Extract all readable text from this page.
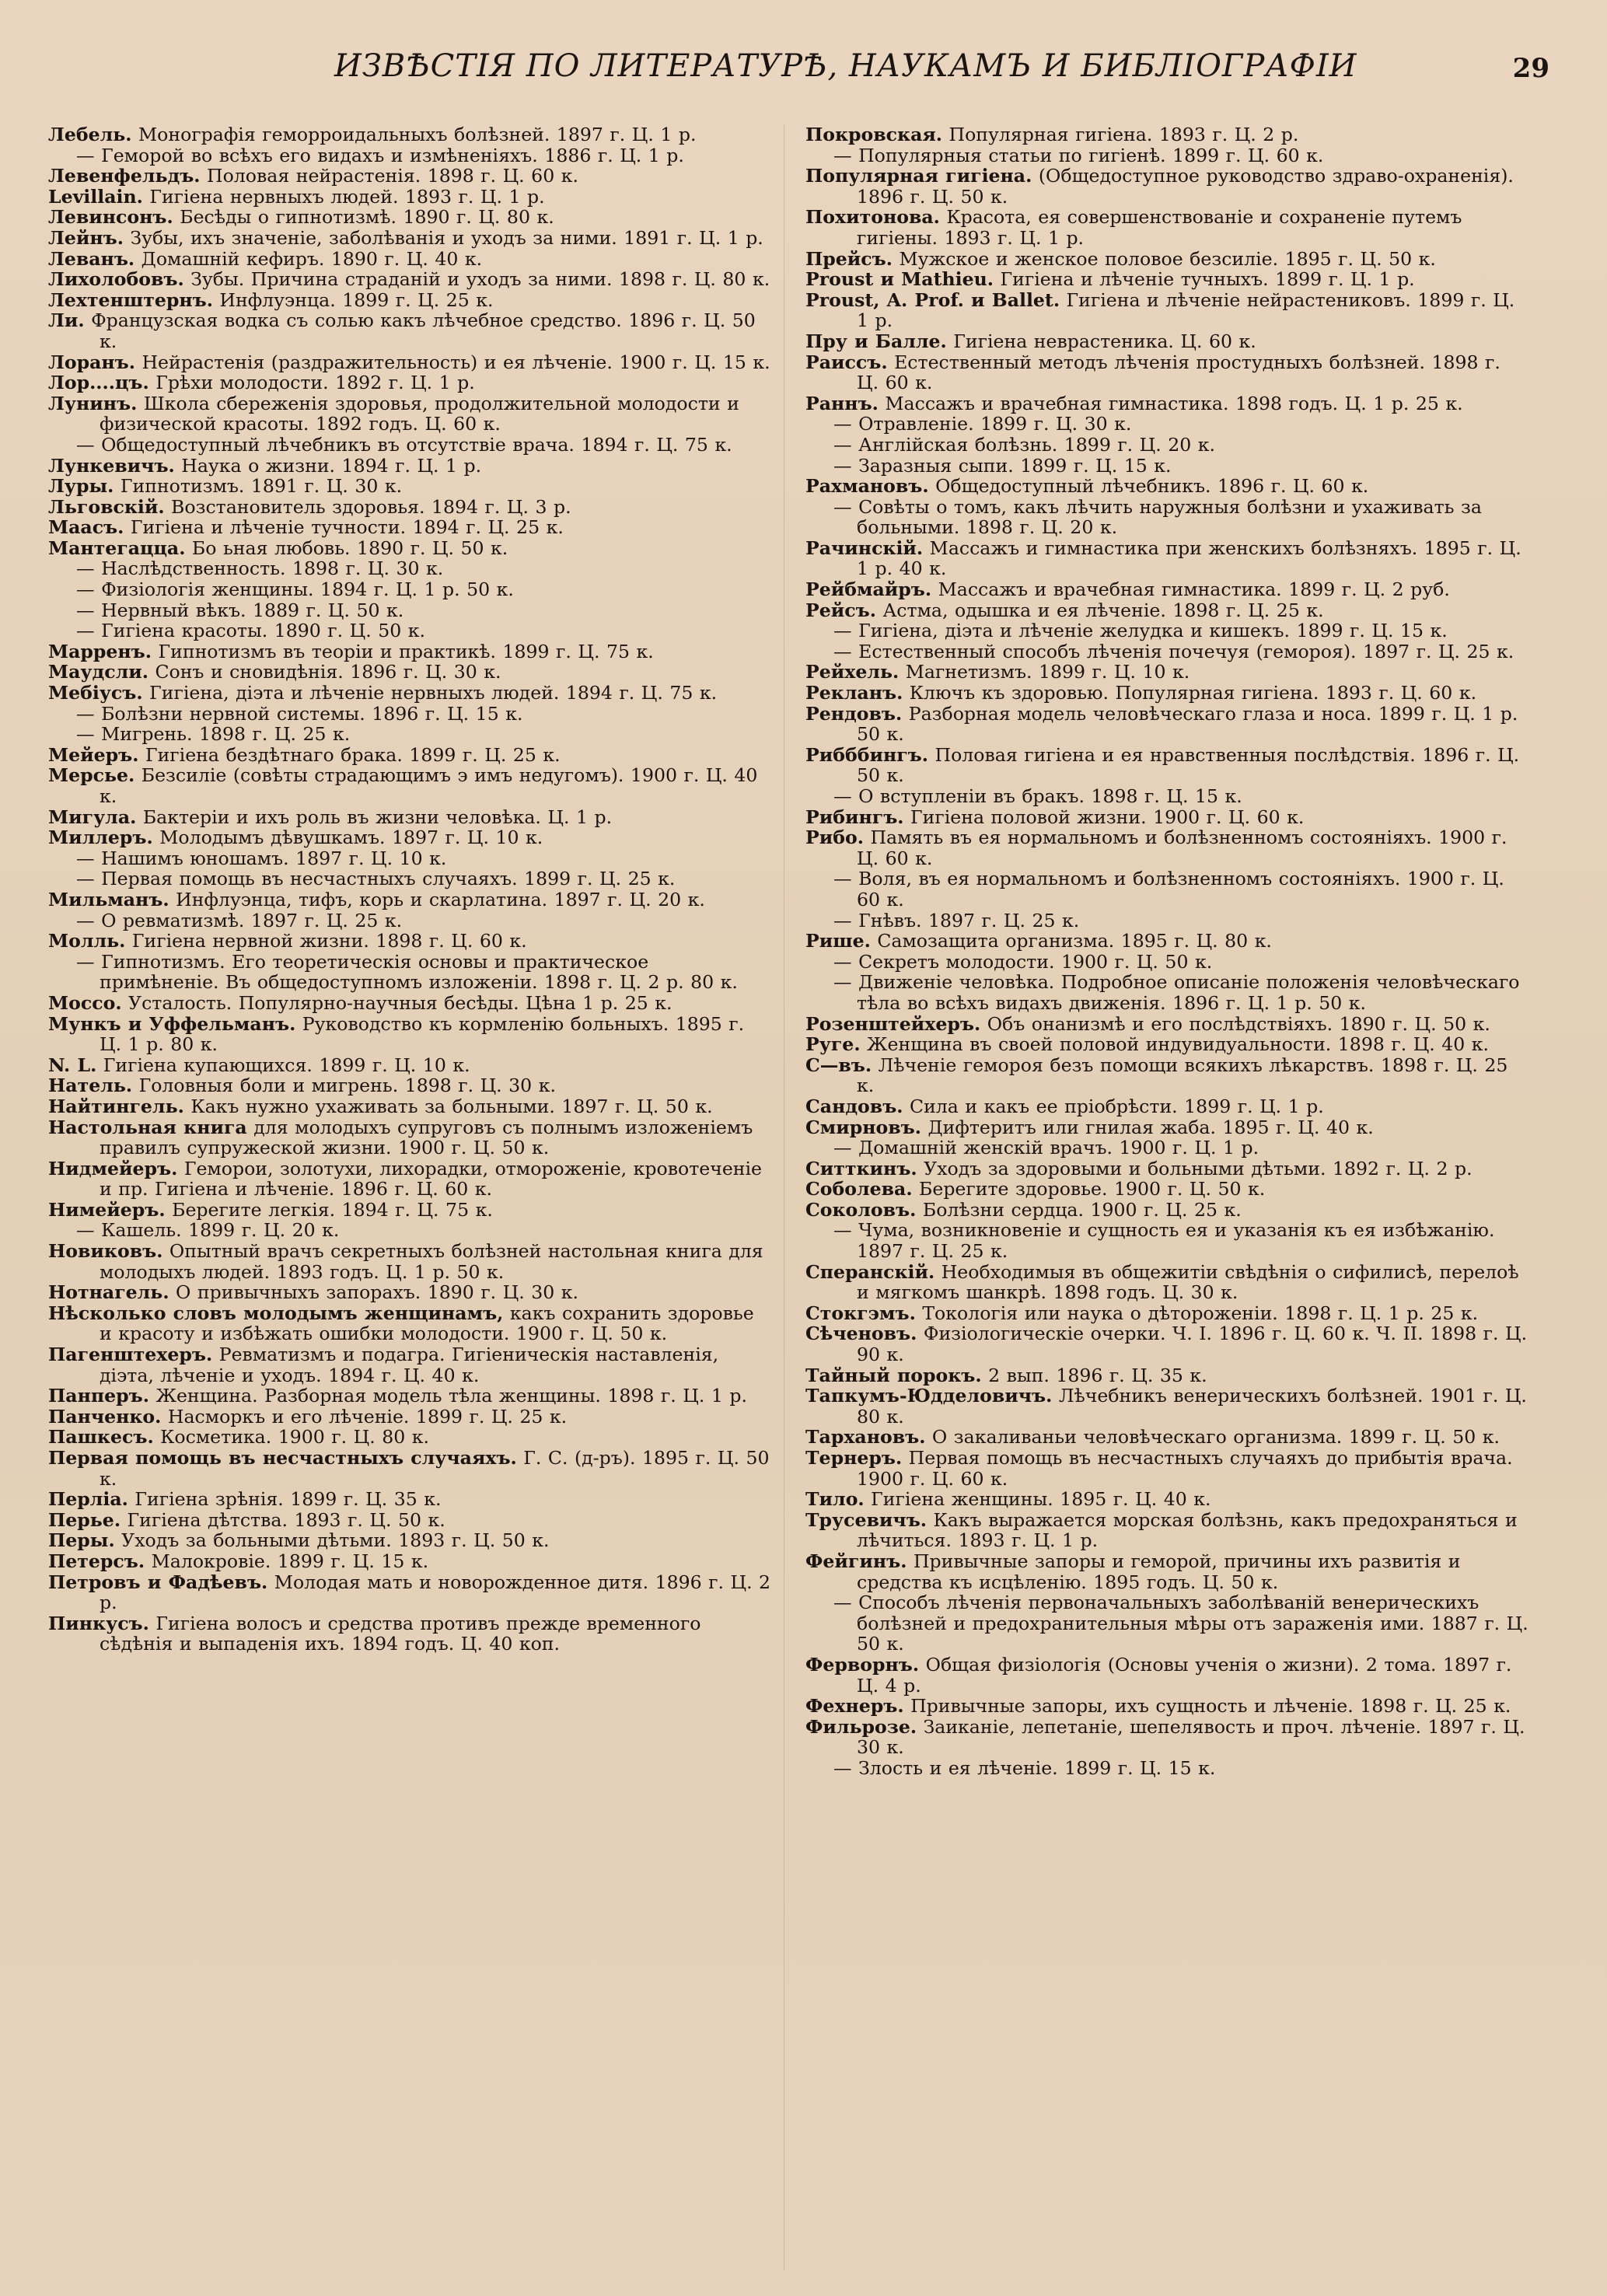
ИЗВѢСТІЯ ПО ЛИТЕРАТУРѢ, НАУКАМЪ И БИБЛІОГРАФІИ	29

Лебель. Монографія геморроидальныхъ болѣзней. 1897 г. Ц. 1 р.

— Геморой во всѣхъ его видахъ и измѣненіяхъ. 1886 г. Ц. 1 р.

Левенфельдъ. Половая нейрастенія. 1898 г. Ц. 60 к.

Levillain. Гигіена нервныхъ людей. 1893 г. Ц. 1 р.

Левинсонъ. Бесѣды о гипнотизмѣ. 1890 г. Ц. 80 к.

Лейнъ. Зубы, ихъ значеніе, заболѣванія и уходъ за ними. 1891 г. Ц. 1 р.

Леванъ. Домашній кефиръ. 1890 г. Ц. 40 к.

Лихолобовъ. Зубы. Причина страданій и уходъ за ними. 1898 г. Ц. 80 к.

Лехтенштернъ. Инфлуэнца. 1899 г. Ц. 25 к.

Ли. Французская водка съ солью какъ лѣчебное средство. 1896 г. Ц. 50 к.

Лоранъ. Нейрастенія (раздражительность) и ея лѣченіе. 1900 г. Ц. 15 к.

Лор....цъ. Грѣхи молодости. 1892 г. Ц. 1 р.

Лунинъ. Школа сбереженія здоровья, продолжительной молодости и физической красоты. 1892 годъ. Ц. 60 к.

— Общедоступный лѣчебникъ въ отсутствіе врача. 1894 г. Ц. 75 к.

Лункевичъ. Наука о жизни. 1894 г. Ц. 1 р.

Луры. Гипнотизмъ. 1891 г. Ц. 30 к.

Льговскій. Возстановитель здоровья. 1894 г. Ц. 3 р.

Маасъ. Гигіена и лѣченіе тучности. 1894 г. Ц. 25 к.

Мантегацца. Бо ьная любовь. 1890 г. Ц. 50 к.

— Наслѣдственность. 1898 г. Ц. 30 к.

— Физіологія женщины. 1894 г. Ц. 1 р. 50 к.

— Нервный вѣкъ. 1889 г. Ц. 50 к.

— Гигіена красоты. 1890 г. Ц. 50 к.

Марренъ. Гипнотизмъ въ теоріи и практикѣ. 1899 г. Ц. 75 к.

Маудсли. Сонъ и сновидѣнія. 1896 г. Ц. 30 к.

Мебіусъ. Гигіена, діэта и лѣченіе нервныхъ людей. 1894 г. Ц. 75 к.

— Болѣзни нервной системы. 1896 г. Ц. 15 к.

— Мигрень. 1898 г. Ц. 25 к.

Мейеръ. Гигіена бездѣтнаго брака. 1899 г. Ц. 25 к.

Мерсье. Безсиліе (совѣты страдающимъ э имъ недугомъ). 1900 г. Ц. 40 к.

Мигула. Бактеріи и ихъ роль въ жизни человѣка. Ц. 1 р.

Миллеръ. Молодымъ дѣвушкамъ. 1897 г. Ц. 10 к.

— Нашимъ юношамъ. 1897 г. Ц. 10 к.

— Первая помощь въ несчастныхъ случаяхъ. 1899 г. Ц. 25 к.

Мильманъ. Инфлуэнца, тифъ, корь и скарлатина. 1897 г. Ц. 20 к.

— О ревматизмѣ. 1897 г. Ц. 25 к.

Молль. Гигіена нервной жизни. 1898 г. Ц. 60 к.

— Гипнотизмъ. Его теоретическія основы и практическое примѣненіе. Въ общедоступномъ изложеніи. 1898 г. Ц. 2 р. 80 к.

Моссо. Усталость. Популярно-научныя бесѣды. Цѣна 1 р. 25 к.

Мункъ и Уффельманъ. Руководство къ кормленію больныхъ. 1895 г. Ц. 1 р. 80 к.

N. L. Гигіена купающихся. 1899 г. Ц. 10 к.

Натель. Головныя боли и мигрень. 1898 г. Ц. 30 к.

Найтингель. Какъ нужно ухаживать за больными. 1897 г. Ц. 50 к.

Настольная книга для молодыхъ супруговъ съ полнымъ изложеніемъ правилъ супружеской жизни. 1900 г. Ц. 50 к.

Нидмейеръ. Геморои, золотухи, лихорадки, отмороженіе, кровотеченіе и пр. Гигіена и лѣченіе. 1896 г. Ц. 60 к.

Нимейеръ. Берегите легкія. 1894 г. Ц. 75 к.

— Кашель. 1899 г. Ц. 20 к.

Новиковъ. Опытный врачъ секретныхъ болѣзней настольная книга для молодыхъ людей. 1893 годъ. Ц. 1 р. 50 к.

Нотнагель. О привычныхъ запорахъ. 1890 г. Ц. 30 к.

Нѣсколько словъ молодымъ женщинамъ, какъ сохранить здоровье и красоту и избѣжать ошибки молодости. 1900 г. Ц. 50 к.

Пагенштехеръ. Ревматизмъ и подагра. Гигіеническія наставленія, діэта, лѣченіе и уходъ. 1894 г. Ц. 40 к.

Панперъ. Женщина. Разборная модель тѣла женщины. 1898 г. Ц. 1 р.

Панченко. Насморкъ и его лѣченіе. 1899 г. Ц. 25 к.

Пашкесъ. Косметика. 1900 г. Ц. 80 к.

Первая помощь въ несчастныхъ случаяхъ. Г. С. (д-ръ). 1895 г. Ц. 50 к.

Перліа. Гигіена зрѣнія. 1899 г. Ц. 35 к.

Перье. Гигіена дѣтства. 1893 г. Ц. 50 к.

Перы. Уходъ за больными дѣтьми. 1893 г. Ц. 50 к.

Петерсъ. Малокровіе. 1899 г. Ц. 15 к.

Петровъ и Фадѣевъ. Молодая мать и новорожденное дитя. 1896 г. Ц. 2 р.

Пинкусъ. Гигіена волосъ и средства противъ прежде временного сѣдѣнія и выпаденія ихъ. 1894 годъ. Ц. 40 коп.

Покровская. Популярная гигіена. 1893 г. Ц. 2 р.

— Популярныя статьи по гигіенѣ. 1899 г. Ц. 60 к.

Популярная гигіена. (Общедоступное руководство здраво-охраненія). 1896 г. Ц. 50 к.

Похитонова. Красота, ея совершенствованіе и сохраненіе путемъ гигіены. 1893 г. Ц. 1 р.

Прейсъ. Мужское и женское половое безсиліе. 1895 г. Ц. 50 к.

Proust и Mathieu. Гигіена и лѣченіе тучныхъ. 1899 г. Ц. 1 р.

Proust, A. Prof. и Ballet. Гигіена и лѣченіе нейрастениковъ. 1899 г. Ц. 1 р.

Пру и Балле. Гигіена неврастеника. Ц. 60 к.

Раиссъ. Естественный методъ лѣченія простудныхъ болѣзней. 1898 г. Ц. 60 к.

Раннъ. Массажъ и врачебная гимнастика. 1898 годъ. Ц. 1 р. 25 к.

— Отравленіе. 1899 г. Ц. 30 к.

— Англійская болѣзнь. 1899 г. Ц. 20 к.

— Заразныя сыпи. 1899 г. Ц. 15 к.

Рахмановъ. Общедоступный лѣчебникъ. 1896 г. Ц. 60 к.

— Совѣты о томъ, какъ лѣчить наружныя болѣзни и ухаживать за больными. 1898 г. Ц. 20 к.

Рачинскій. Массажъ и гимнастика при женскихъ болѣзняхъ. 1895 г. Ц. 1 р. 40 к.

Рейбмайръ. Массажъ и врачебная гимнастика. 1899 г. Ц. 2 руб.

Рейсъ. Астма, одышка и ея лѣченіе. 1898 г. Ц. 25 к.

— Гигіена, діэта и лѣченіе желудка и кишекъ. 1899 г. Ц. 15 к.

— Естественный способъ лѣченія почечуя (гемороя). 1897 г. Ц. 25 к.

Рейхель. Магнетизмъ. 1899 г. Ц. 10 к.

Рекланъ. Ключъ къ здоровью. Популярная гигіена. 1893 г. Ц. 60 к.

Рендовъ. Разборная модель человѣческаго глаза и носа. 1899 г. Ц. 1 р. 50 к.

Рибббингъ. Половая гигіена и ея нравственныя послѣдствія. 1896 г. Ц. 50 к.

— О вступленіи въ бракъ. 1898 г. Ц. 15 к.

Рибингъ. Гигіена половой жизни. 1900 г. Ц. 60 к.

Рибо. Память въ ея нормальномъ и болѣзненномъ состояніяхъ. 1900 г. Ц. 60 к.

— Воля, въ ея нормальномъ и болѣзненномъ состояніяхъ. 1900 г. Ц. 60 к.

— Гнѣвъ. 1897 г. Ц. 25 к.

Рише. Самозащита организма. 1895 г. Ц. 80 к.

— Секретъ молодости. 1900 г. Ц. 50 к.

— Движеніе человѣка. Подробное описаніе положенія человѣческаго тѣла во всѣхъ видахъ движенія. 1896 г. Ц. 1 р. 50 к.

Розенштейхеръ. Объ онанизмѣ и его послѣдствіяхъ. 1890 г. Ц. 50 к.

Руге. Женщина въ своей половой индувидуальности. 1898 г. Ц. 40 к.

С—въ. Лѣченіе гемороя безъ помощи всякихъ лѣкарствъ. 1898 г. Ц. 25 к.

Сандовъ. Сила и какъ ее пріобрѣсти. 1899 г. Ц. 1 р.

Смирновъ. Дифтеритъ или гнилая жаба. 1895 г. Ц. 40 к.

— Домашній женскій врачъ. 1900 г. Ц. 1 р.

Ситткинъ. Уходъ за здоровыми и больными дѣтьми. 1892 г. Ц. 2 р.

Соболева. Берегите здоровье. 1900 г. Ц. 50 к.

Соколовъ. Болѣзни сердца. 1900 г. Ц. 25 к.

— Чума, возникновеніе и сущность ея и указанія къ ея избѣжанію. 1897 г. Ц. 25 к.

Сперанскій. Необходимыя въ общежитіи свѣдѣнія о сифилисѣ, перелоѣ и мягкомъ шанкрѣ. 1898 годъ. Ц. 30 к.

Стокгэмъ. Токологія или наука о дѣтороженіи. 1898 г. Ц. 1 р. 25 к.

Сѣченовъ. Физіологическіе очерки. Ч. I. 1896 г. Ц. 60 к. Ч. II. 1898 г. Ц. 90 к.

Тайный порокъ. 2 вып. 1896 г. Ц. 35 к.

Тапкумъ-Юдделовичъ. Лѣчебникъ венерическихъ болѣзней. 1901 г. Ц. 80 к.

Тархановъ. О закаливаньи человѣческаго организма. 1899 г. Ц. 50 к.

Тернеръ. Первая помощь въ несчастныхъ случаяхъ до прибытія врача. 1900 г. Ц. 60 к.

Тило. Гигіена женщины. 1895 г. Ц. 40 к.

Трусевичъ. Какъ выражается морская болѣзнь, какъ предохраняться и лѣчиться. 1893 г. Ц. 1 р.

Фейгинъ. Привычные запоры и геморой, причины ихъ развитія и средства къ исцѣленію. 1895 годъ. Ц. 50 к.

— Способъ лѣченія первоначальныхъ заболѣваній венерическихъ болѣзней и предохранительныя мѣры отъ зараженія ими. 1887 г. Ц. 50 к.

Ферворнъ. Общая физіологія (Основы ученія о жизни). 2 тома. 1897 г. Ц. 4 р.

Фехнеръ. Привычные запоры, ихъ сущность и лѣченіе. 1898 г. Ц. 25 к.

Фильрозе. Заиканіе, лепетаніе, шепелявость и проч. лѣченіе. 1897 г. Ц. 30 к.

— Злость и ея лѣченіе. 1899 г. Ц. 15 к.
